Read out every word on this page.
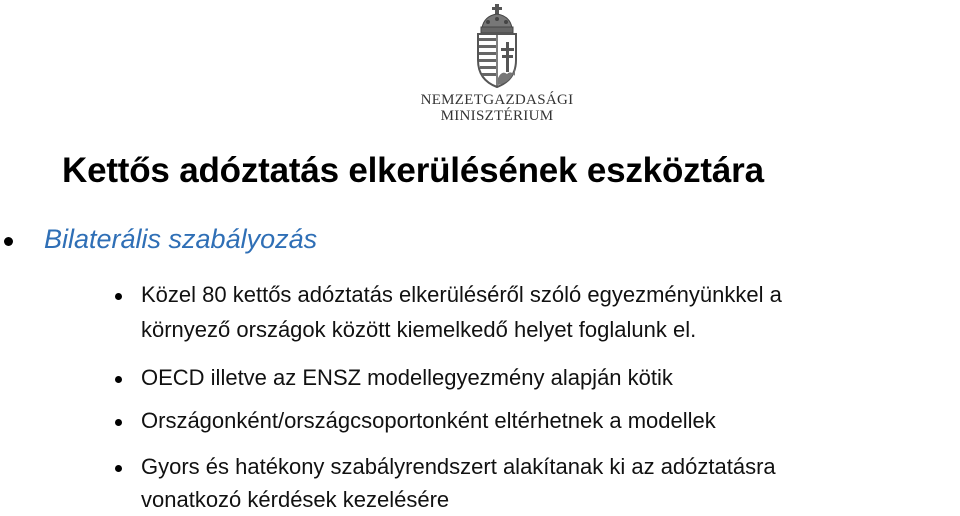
NEMZETGAZDASÁGI
MINISZTÉRIUM
Kettős adóztatás elkerülésének eszköztára
Bilaterális szabályozás
Közel 80 kettős adóztatás elkerüléséről szóló egyezményünkkel a
környező országok között kiemelkedő helyet foglalunk el.
OECD illetve az ENSZ modellegyezmény alapján kötik
Országonként/országcsoportonként eltérhetnek a modellek
Gyors és hatékony szabályrendszert alakítanak ki az adóztatásra
vonatkozó kérdések kezelésére
